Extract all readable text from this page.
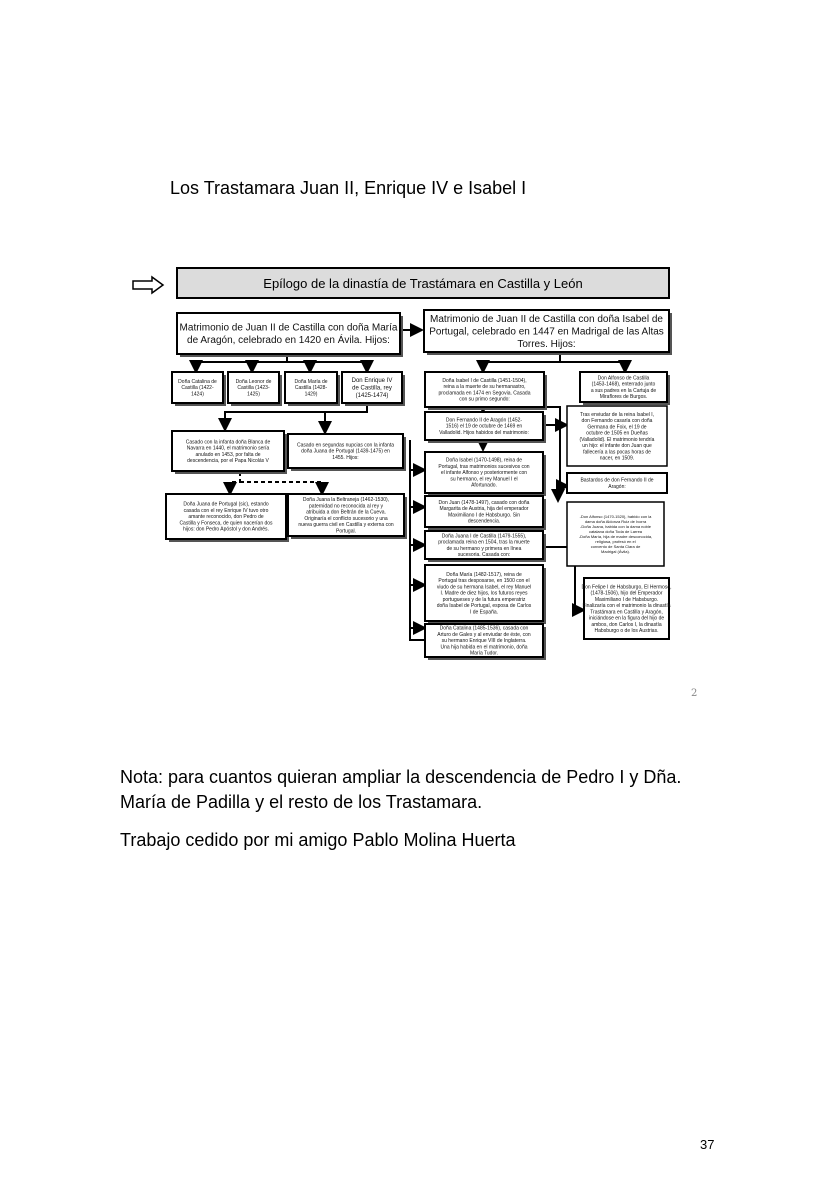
Los Trastamara Juan II, Enrique IV e Isabel I
Epílogo de la dinastía de Trastámara en Castilla y León
Matrimonio de Juan II de Castilla con doña María
de Aragón, celebrado en 1420 en Ávila. Hijos:
Matrimonio de Juan II de Castilla con doña Isabel de
Portugal, celebrado en 1447 en Madrigal de las Altas
Torres. Hijos:
Doña Catalina de
Castilla (1422-
1424)
Doña Leonor de
Castilla (1423-
1425)
Doña María de
Castilla (1428-
1429)
Don Enrique IV
de Castilla, rey
(1425-1474)
Casado con la infanta doña Blanca de
Navarra en 1440, el matrimonio sería
anulado en 1453, por falta de
descendencia, por el Papa Nicolás V
Casado en segundas nupcias con la infanta
doña Juana de Portugal (1439-1475) en
1455. Hijos:
Doña Juana de Portugal (sic), estando
casada con el rey Enrique IV tuvo otro
amante reconocido, don Pedro de
Castilla y Fonseca, de quien nacerían dos
hijos: don Pedro Apóstol y don Andrés.
Doña Juana la Beltraneja (1462-1530),
paternidad no reconocida al rey y
atribuida a don Beltrán de la Cueva.
Originaría el conflicto sucesorio y una
nueva guerra civil en Castilla y externa con
Portugal.
Doña Isabel I de Castilla (1451-1504),
reina a la muerte de su hermanastro,
proclamada en 1474 en Segovia. Casada
con su primo segundo:
Don Alfonso de Castilla
(1453-1468), enterrado junto
a sus padres en la Cartuja de
Miraflores de Burgos.
Don Fernando II de Aragón (1452-
1516) el 19 de octubre de 1469 en
Valladolid. Hijos habidos del matrimonio:
Tras enviudar de la reina Isabel I,
don Fernando casaría con doña
Germana de Foix, el 19 de
octubre de 1505 en Dueñas
(Valladolid). El matrimonio tendría
un hijo: el infante don Juan que
fallecería a las pocas horas de
nacer, en 1509.
Bastardos de don Fernando II de
Aragón:
-Don Alfonso (1470-1520), habido con la
dama doña Aldonza Ruiz de Ivorra
-Doña Juana, habida con la dama noble
catalana doña Toda de Larrea
-Doña María, hija de madre desconocida,
religiosa, profesó en el
convento de Santa Clara de
Madrigal (Ávila).
Doña Isabel (1470-1498), reina de
Portugal, tras matrimonios sucesivos con
el infante Alfonso y posteriormente con
su hermano, el rey Manuel I el
Afortunado.
Don Juan (1478-1497), casado con doña
Margarita de Austria, hija del emperador
Maximiliano I de Habsburgo. Sin
descendencia.
Doña Juana I de Castilla (1479-1555),
proclamada reina en 1504, tras la muerte
de su hermano y primera en línea
sucesoria. Casada con:
Doña María (1482-1517), reina de
Portugal tras desposarse, en 1500 con el
viudo de su hermana Isabel, el rey Manuel
I. Madre de diez hijos, los futuros reyes
portugueses y de la futura emperatriz
doña Isabel de Portugal, esposa de Carlos
I de España.
Doña Catalina (1485-1536), casada con
Arturo de Gales y al enviudar de éste, con
su hermano Enrique VIII de Inglaterra.
Una hija habida en el matrimonio, doña
María Tudor.
Don Felipe I de Habsburgo, El Hermoso,
(1478-1506), hijo del Emperador
Maximiliano I de Habsburgo.
Finalizaría con el matrimonio la dinastía
Trastámara en Castilla y Aragón,
iniciándose en la figura del hijo de
ambos, don Carlos I, la dinastía
Habsburgo o de los Austrias.
2
Nota: para cuantos quieran ampliar la descendencia de Pedro I y Dña. María de Padilla y el resto de los Trastamara.
Trabajo cedido por mi amigo Pablo Molina Huerta
37
